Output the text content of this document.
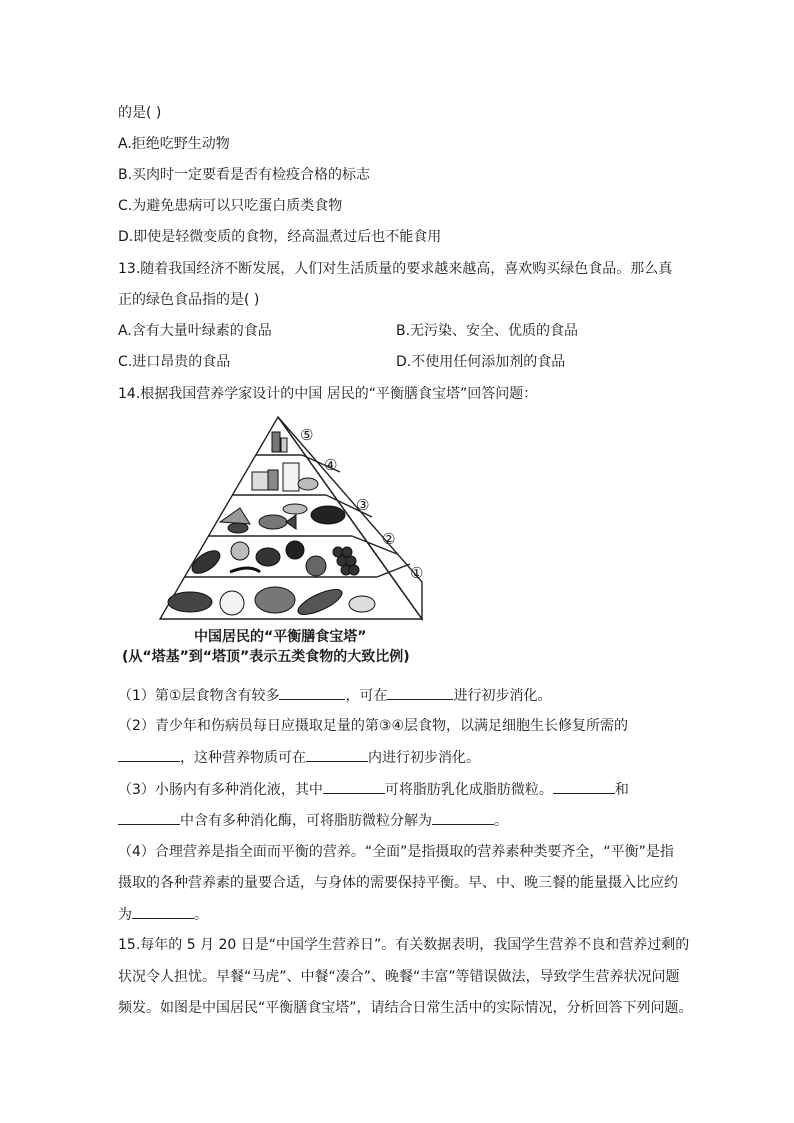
的是( )
A.拒绝吃野生动物
B.买肉时一定要看是否有检疫合格的标志
C.为避免患病可以只吃蛋白质类食物
D.即使是轻微变质的食物，经高温煮过后也不能食用
13.随着我国经济不断发展，人们对生活质量的要求越来越高，喜欢购买绿色食品。那么真
正的绿色食品指的是( )
A.含有大量叶绿素的食品	B.无污染、安全、优质的食品
C.进口昂贵的食品	D.不使用任何添加剂的食品
14.根据我国营养学家设计的中国 居民的“平衡膳食宝塔”回答问题：
①
②
③
④
⑤
中国居民的“平衡膳食宝塔”
(从“塔基”到“塔顶”表示五类食物的大致比例)
（1）第①层食物含有较多	，可在	进行初步消化。
（2）青少年和伤病员每日应摄取足量的第③④层食物，以满足细胞生长修复所需的
，这种营养物质可在	内进行初步消化。
（3）小肠内有多种消化液，其中	可将脂肪乳化成脂肪微粒。	和
中含有多种消化酶，可将脂肪微粒分解为	。
（4）合理营养是指全面而平衡的营养。“全面”是指摄取的营养素种类要齐全，“平衡”是指
摄取的各种营养素的量要合适，与身体的需要保持平衡。早、中、晚三餐的能量摄入比应约
为	。
15.每年的 5 月 20 日是“中国学生营养日”。有关数据表明，我国学生营养不良和营养过剩的
状况令人担忧。早餐“马虎”、中餐“凑合”、晚餐“丰富”等错误做法，导致学生营养状况问题
频发。如图是中国居民“平衡膳食宝塔”，请结合日常生活中的实际情况，分析回答下列问题。
